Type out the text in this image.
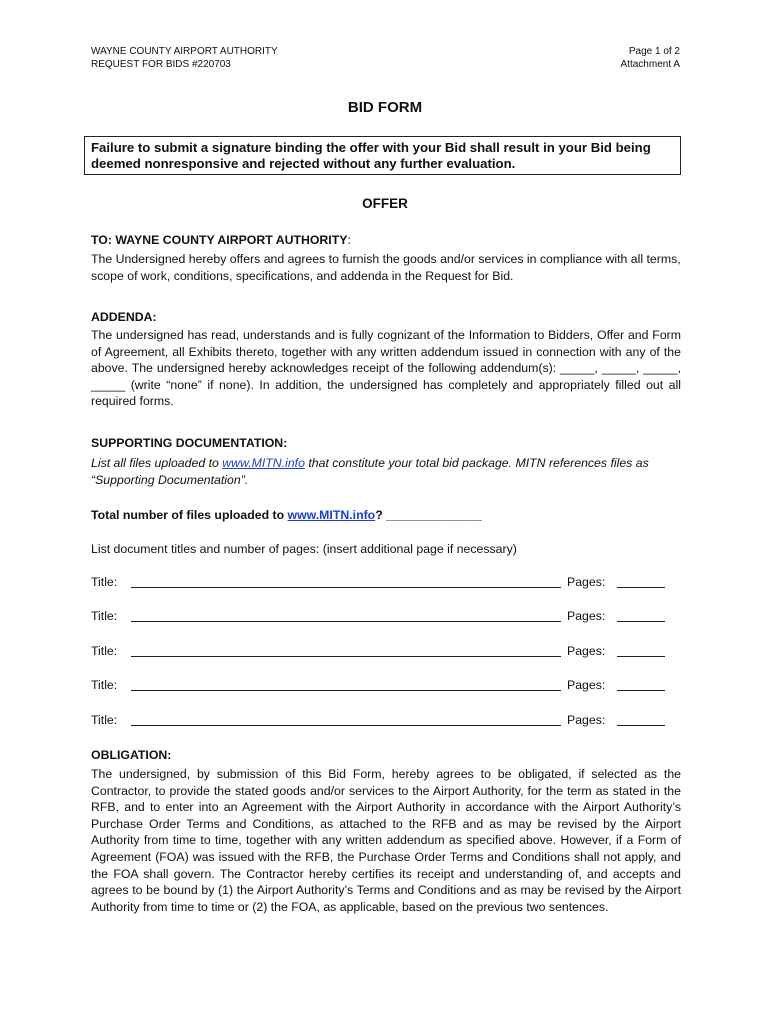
WAYNE COUNTY AIRPORT AUTHORITY
REQUEST FOR BIDS #220703
Page 1 of 2
Attachment A
BID FORM
Failure to submit a signature binding the offer with your Bid shall result in your Bid being deemed nonresponsive and rejected without any further evaluation.
OFFER
TO: WAYNE COUNTY AIRPORT AUTHORITY:
The Undersigned hereby offers and agrees to furnish the goods and/or services in compliance with all terms, scope of work, conditions, specifications, and addenda in the Request for Bid.
ADDENDA:
The undersigned has read, understands and is fully cognizant of the Information to Bidders, Offer and Form of Agreement, all Exhibits thereto, together with any written addendum issued in connection with any of the above. The undersigned hereby acknowledges receipt of the following addendum(s): _____, _____, _____, _____ (write “none” if none). In addition, the undersigned has completely and appropriately filled out all required forms.
SUPPORTING DOCUMENTATION:
List all files uploaded to www.MITN.info that constitute your total bid package. MITN references files as “Supporting Documentation”.
Total number of files uploaded to www.MITN.info? ______________
List document titles and number of pages: (insert additional page if necessary)
Title:	Pages:
Title:	Pages:
Title:	Pages:
Title:	Pages:
Title:	Pages:
OBLIGATION:
The undersigned, by submission of this Bid Form, hereby agrees to be obligated, if selected as the Contractor, to provide the stated goods and/or services to the Airport Authority, for the term as stated in the RFB, and to enter into an Agreement with the Airport Authority in accordance with the Airport Authority’s Purchase Order Terms and Conditions, as attached to the RFB and as may be revised by the Airport Authority from time to time, together with any written addendum as specified above. However, if a Form of Agreement (FOA) was issued with the RFB, the Purchase Order Terms and Conditions shall not apply, and the FOA shall govern. The Contractor hereby certifies its receipt and understanding of, and accepts and agrees to be bound by (1) the Airport Authority’s Terms and Conditions and as may be revised by the Airport Authority from time to time or (2) the FOA, as applicable, based on the previous two sentences.
